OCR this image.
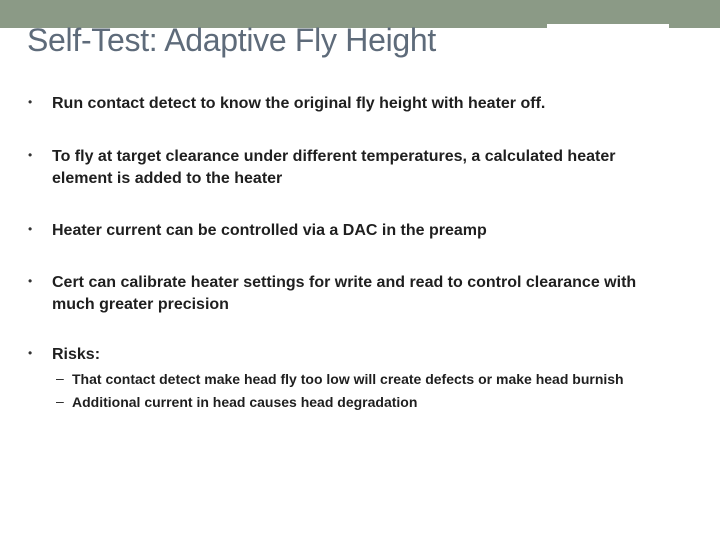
Self-Test: Adaptive Fly Height
• Run contact detect to know the original fly height with heater off.
• To fly at target clearance under different temperatures, a calculated heater element is added to the heater
• Heater current can be controlled via a DAC in the preamp
• Cert can calibrate heater settings for write and read to control clearance with much greater precision
• Risks:
– That contact detect make head fly too low will create defects or make head burnish
– Additional current in head causes head degradation
